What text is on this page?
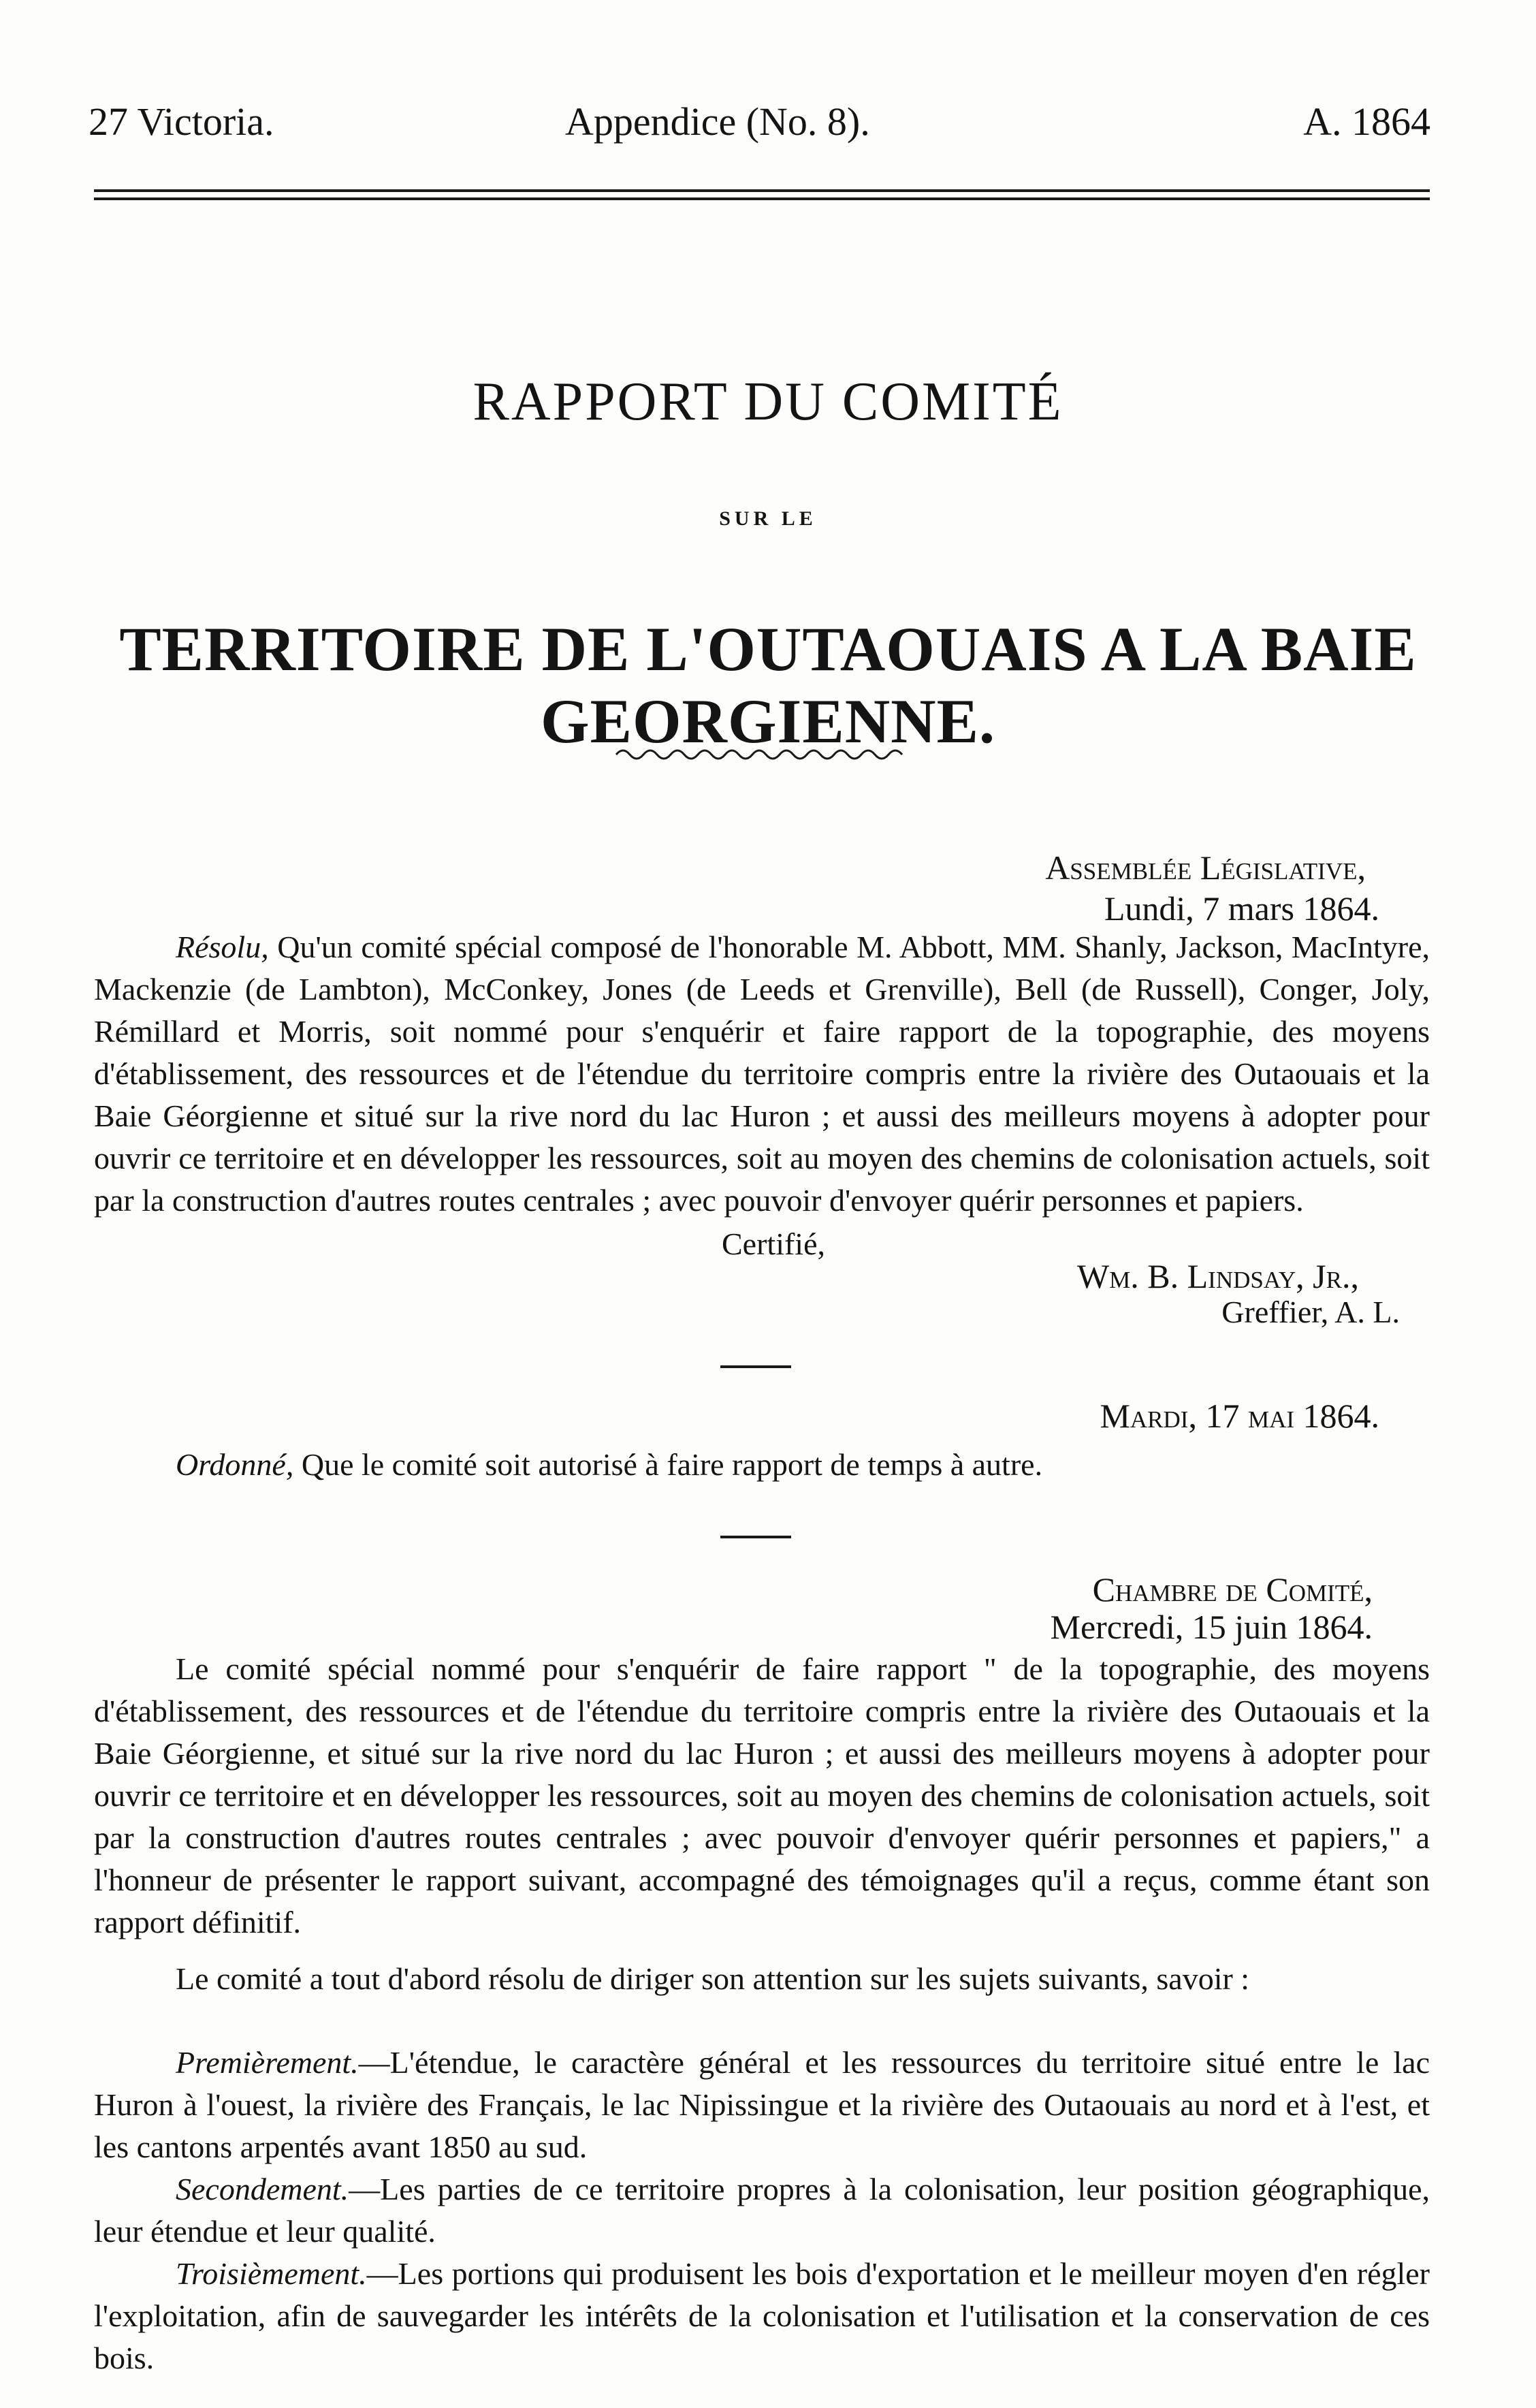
27 Victoria.	Appendice (No. 8).	A. 1864
RAPPORT DU COMITÉ
SUR LE
TERRITOIRE DE L'OUTAOUAIS A LA BAIE GEORGIENNE.
Assemblée Législative,
Lundi, 7 mars 1864.
Résolu, Qu'un comité spécial composé de l'honorable M. Abbott, MM. Shanly, Jackson, MacIntyre, Mackenzie (de Lambton), McConkey, Jones (de Leeds et Grenville), Bell (de Russell), Conger, Joly, Rémillard et Morris, soit nommé pour s'enquérir et faire rapport de la topographie, des moyens d'établissement, des ressources et de l'étendue du territoire compris entre la rivière des Outaouais et la Baie Géorgienne et situé sur la rive nord du lac Huron ; et aussi des meilleurs moyens à adopter pour ouvrir ce territoire et en développer les ressources, soit au moyen des chemins de colonisation actuels, soit par la construction d'autres routes centrales ; avec pouvoir d'envoyer quérir personnes et papiers.
Certifié,
Wm. B. Lindsay, Jr.,
Greffier, A. L.
Mardi, 17 mai 1864.
Ordonné, Que le comité soit autorisé à faire rapport de temps à autre.
Chambre de Comité,
Mercredi, 15 juin 1864.
Le comité spécial nommé pour s'enquérir de faire rapport " de la topographie, des moyens d'établissement, des ressources et de l'étendue du territoire compris entre la rivière des Outaouais et la Baie Géorgienne, et situé sur la rive nord du lac Huron ; et aussi des meilleurs moyens à adopter pour ouvrir ce territoire et en développer les ressources, soit au moyen des chemins de colonisation actuels, soit par la construction d'autres routes centrales ; avec pouvoir d'envoyer quérir personnes et papiers," a l'honneur de présenter le rapport suivant, accompagné des témoignages qu'il a reçus, comme étant son rapport définitif.
Le comité a tout d'abord résolu de diriger son attention sur les sujets suivants, savoir :
Premièrement.—L'étendue, le caractère général et les ressources du territoire situé entre le lac Huron à l'ouest, la rivière des Français, le lac Nipissingue et la rivière des Outaouais au nord et à l'est, et les cantons arpentés avant 1850 au sud.
Secondement.—Les parties de ce territoire propres à la colonisation, leur position géographique, leur étendue et leur qualité.
Troisièmement.—Les portions qui produisent les bois d'exportation et le meilleur moyen d'en régler l'exploitation, afin de sauvegarder les intérêts de la colonisation et l'utilisation et la conservation de ces bois.
